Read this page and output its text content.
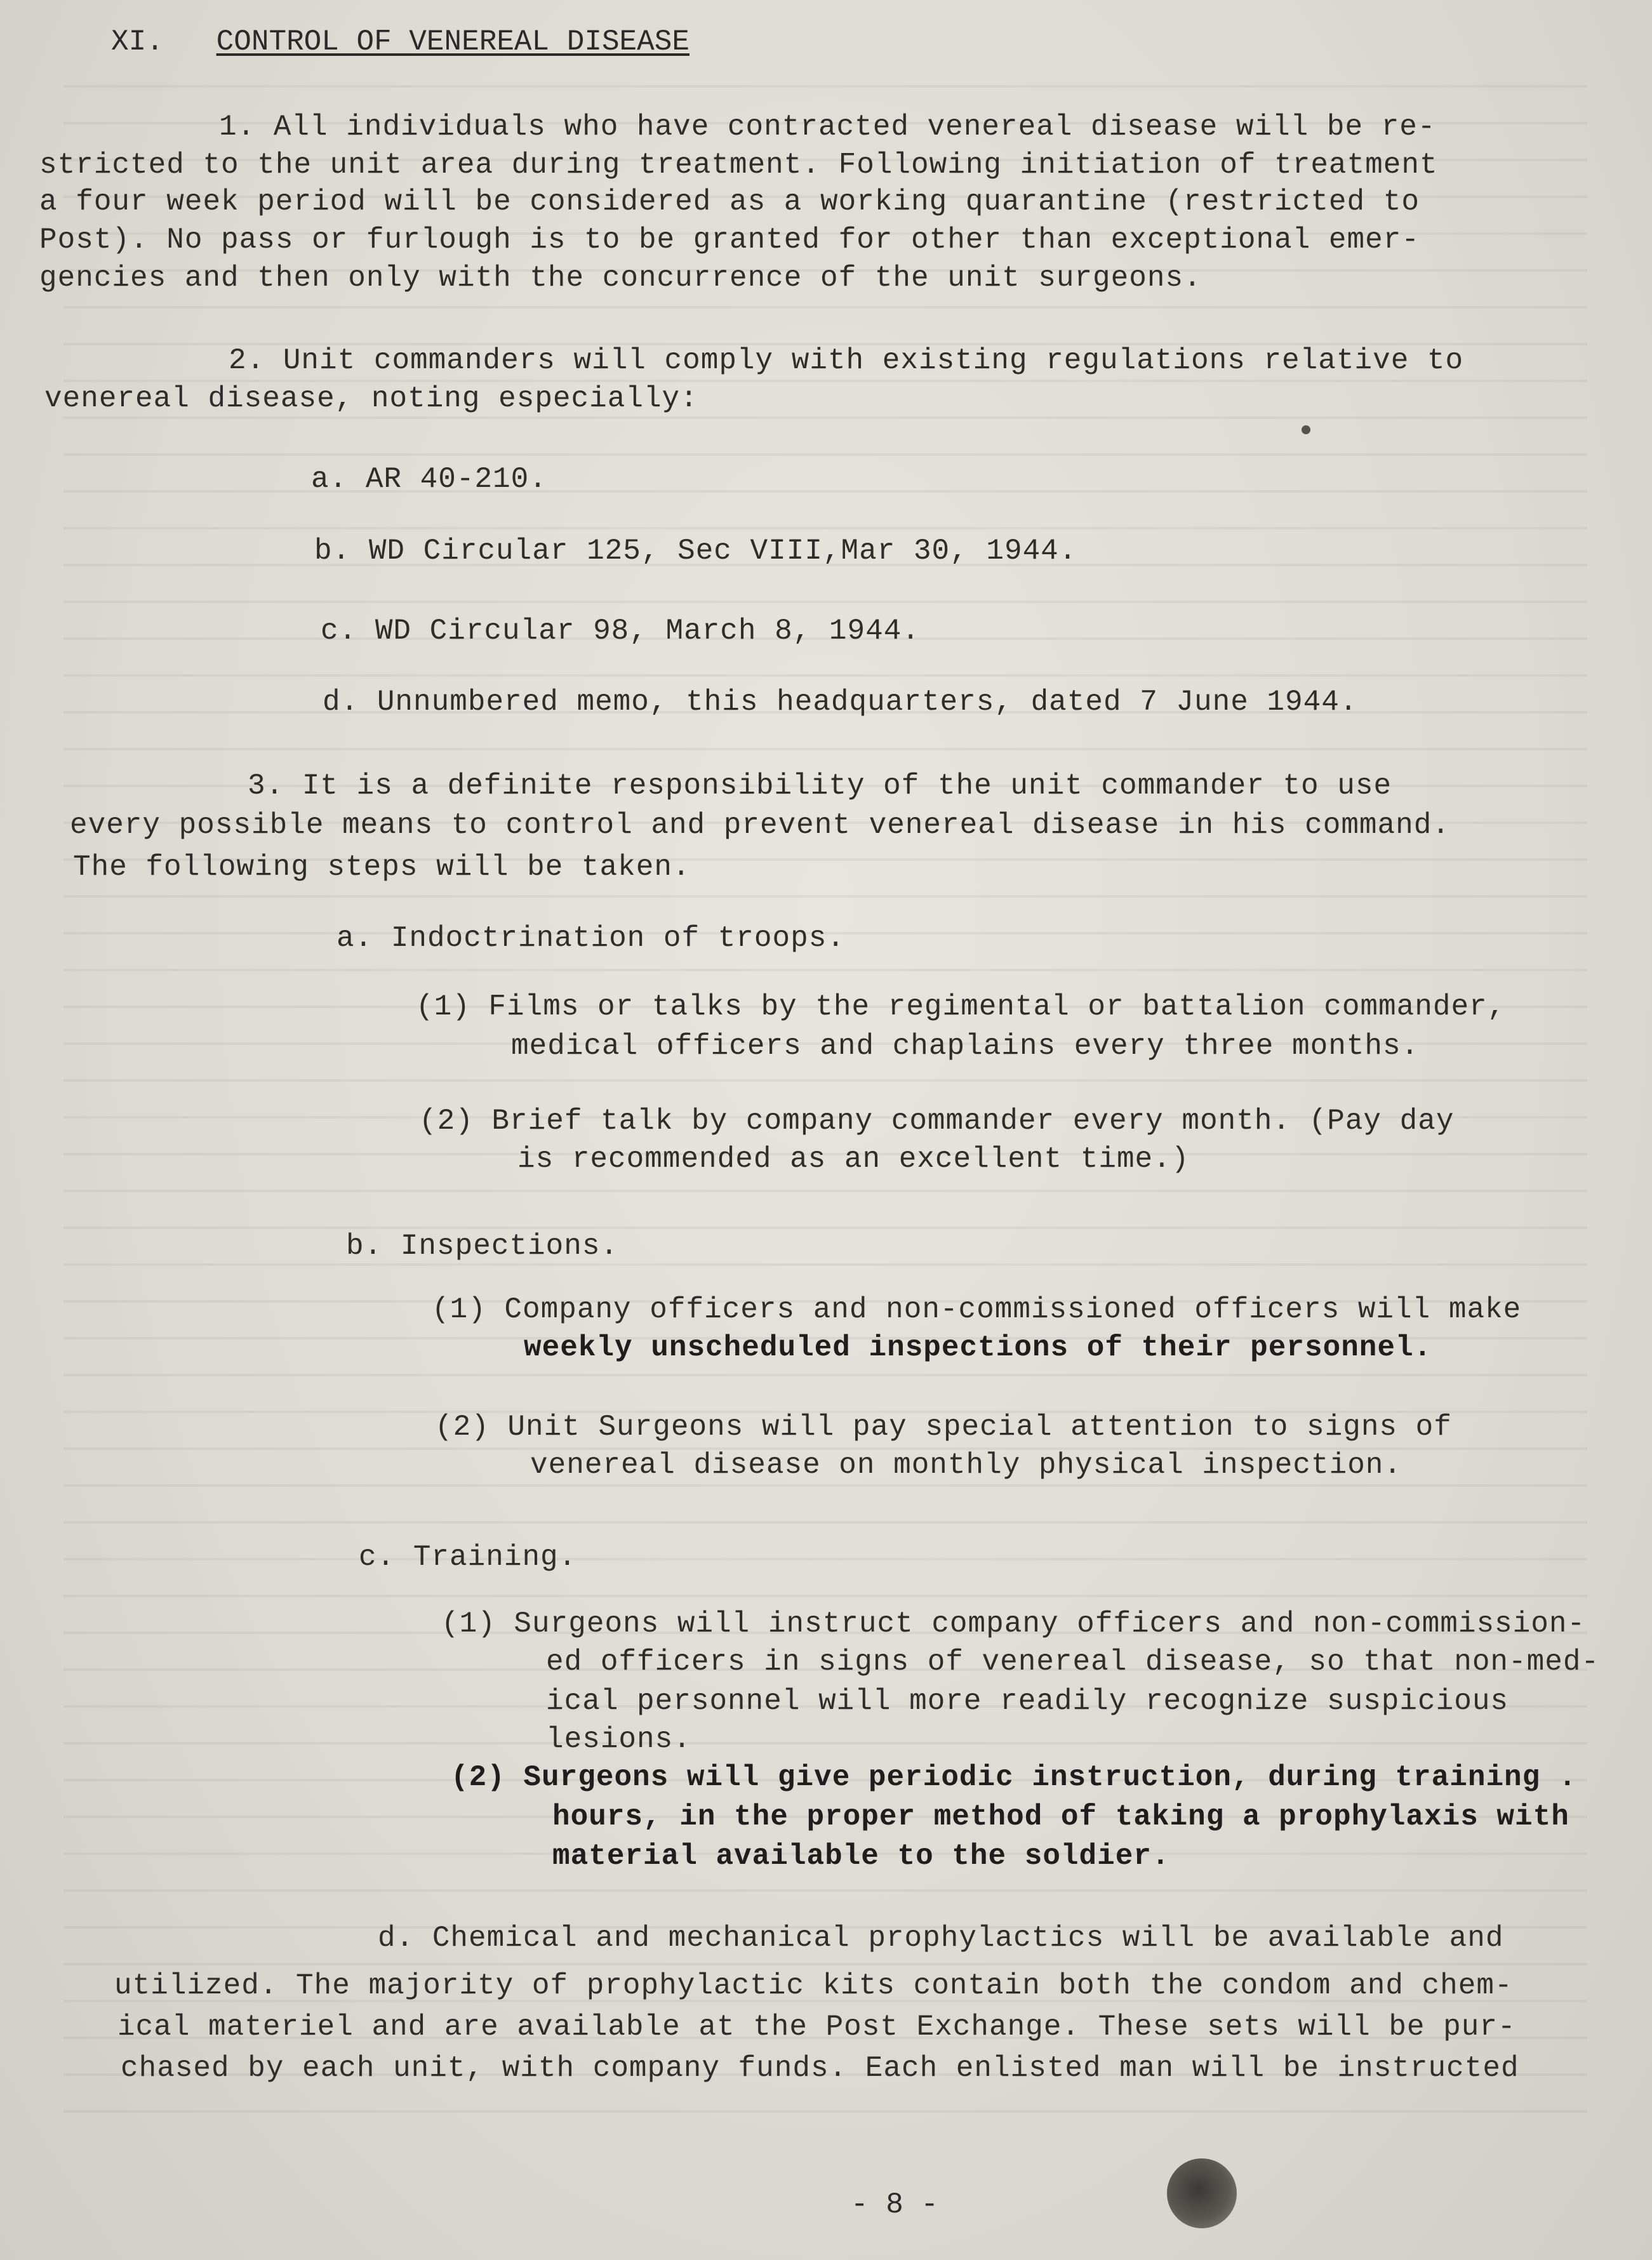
XI. CONTROL OF VENEREAL DISEASE
1. All individuals who have contracted venereal disease will be re-
stricted to the unit area during treatment. Following initiation of treatment
a four week period will be considered as a working quarantine (restricted to
Post). No pass or furlough is to be granted for other than exceptional emer-
gencies and then only with the concurrence of the unit surgeons.
2. Unit commanders will comply with existing regulations relative to
venereal disease, noting especially:
a. AR 40-210.
b. WD Circular 125, Sec VIII,Mar 30, 1944.
c. WD Circular 98, March 8, 1944.
d. Unnumbered memo, this headquarters, dated 7 June 1944.
3. It is a definite responsibility of the unit commander to use
every possible means to control and prevent venereal disease in his command.
The following steps will be taken.
a. Indoctrination of troops.
(1) Films or talks by the regimental or battalion commander,
medical officers and chaplains every three months.
(2) Brief talk by company commander every month. (Pay day
is recommended as an excellent time.)
b. Inspections.
(1) Company officers and non-commissioned officers will make
weekly unscheduled inspections of their personnel.
(2) Unit Surgeons will pay special attention to signs of
venereal disease on monthly physical inspection.
c. Training.
(1) Surgeons will instruct company officers and non-commission-
ed officers in signs of venereal disease, so that non-med-
ical personnel will more readily recognize suspicious
lesions.
(2) Surgeons will give periodic instruction, during training .
hours, in the proper method of taking a prophylaxis with
material available to the soldier.
d. Chemical and mechanical prophylactics will be available and
utilized. The majority of prophylactic kits contain both the condom and chem-
ical materiel and are available at the Post Exchange. These sets will be pur-
chased by each unit, with company funds. Each enlisted man will be instructed
- 8 -
